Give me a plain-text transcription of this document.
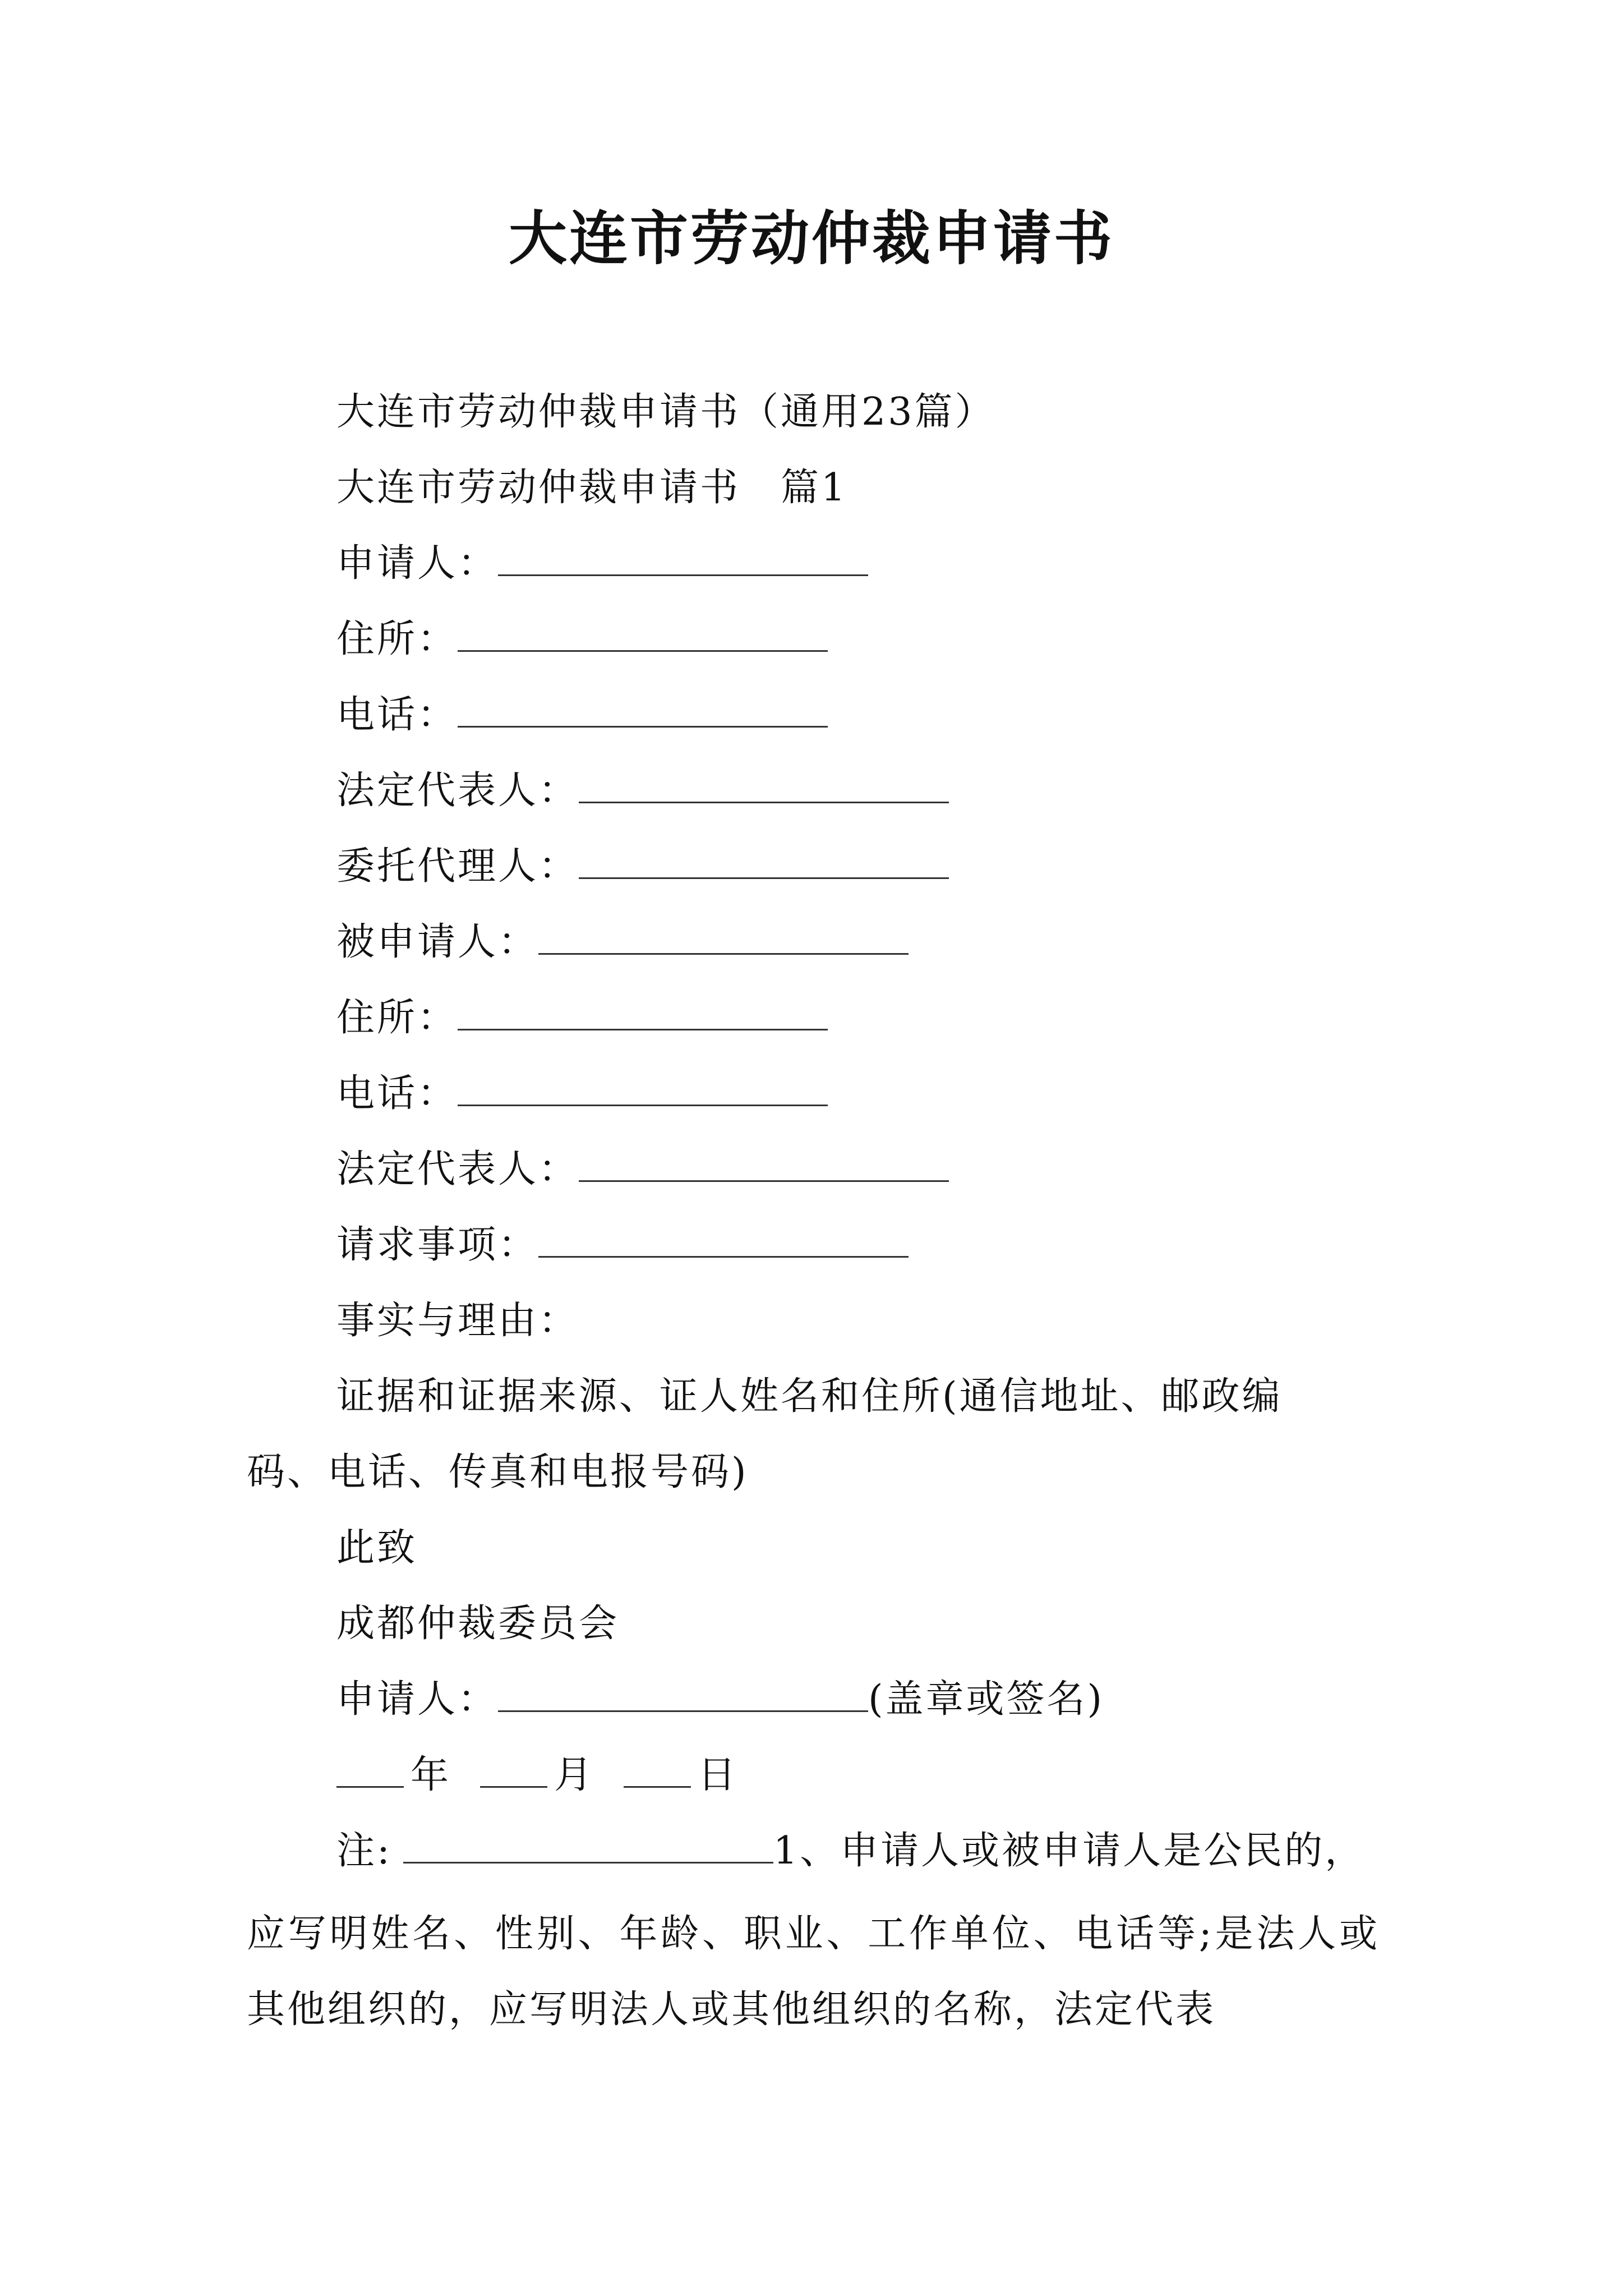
大连市劳动仲裁申请书
大连市劳动仲裁申请书（通用23篇）
大连市劳动仲裁申请书　篇1
申请人：
住所：
电话：
法定代表人：
委托代理人：
被申请人：
住所：
电话：
法定代表人：
请求事项：
事实与理由：
证据和证据来源、证人姓名和住所(通信地址、邮政编
码、电话、传真和电报号码)
此致
成都仲裁委员会
申请人：	(盖章或签名)
年	月	日
注:	1、申请人或被申请人是公民的，
应写明姓名、性别、年龄、职业、工作单位、电话等;是法人或其他组织的，应写明法人或其他组织的名称，法定代表
